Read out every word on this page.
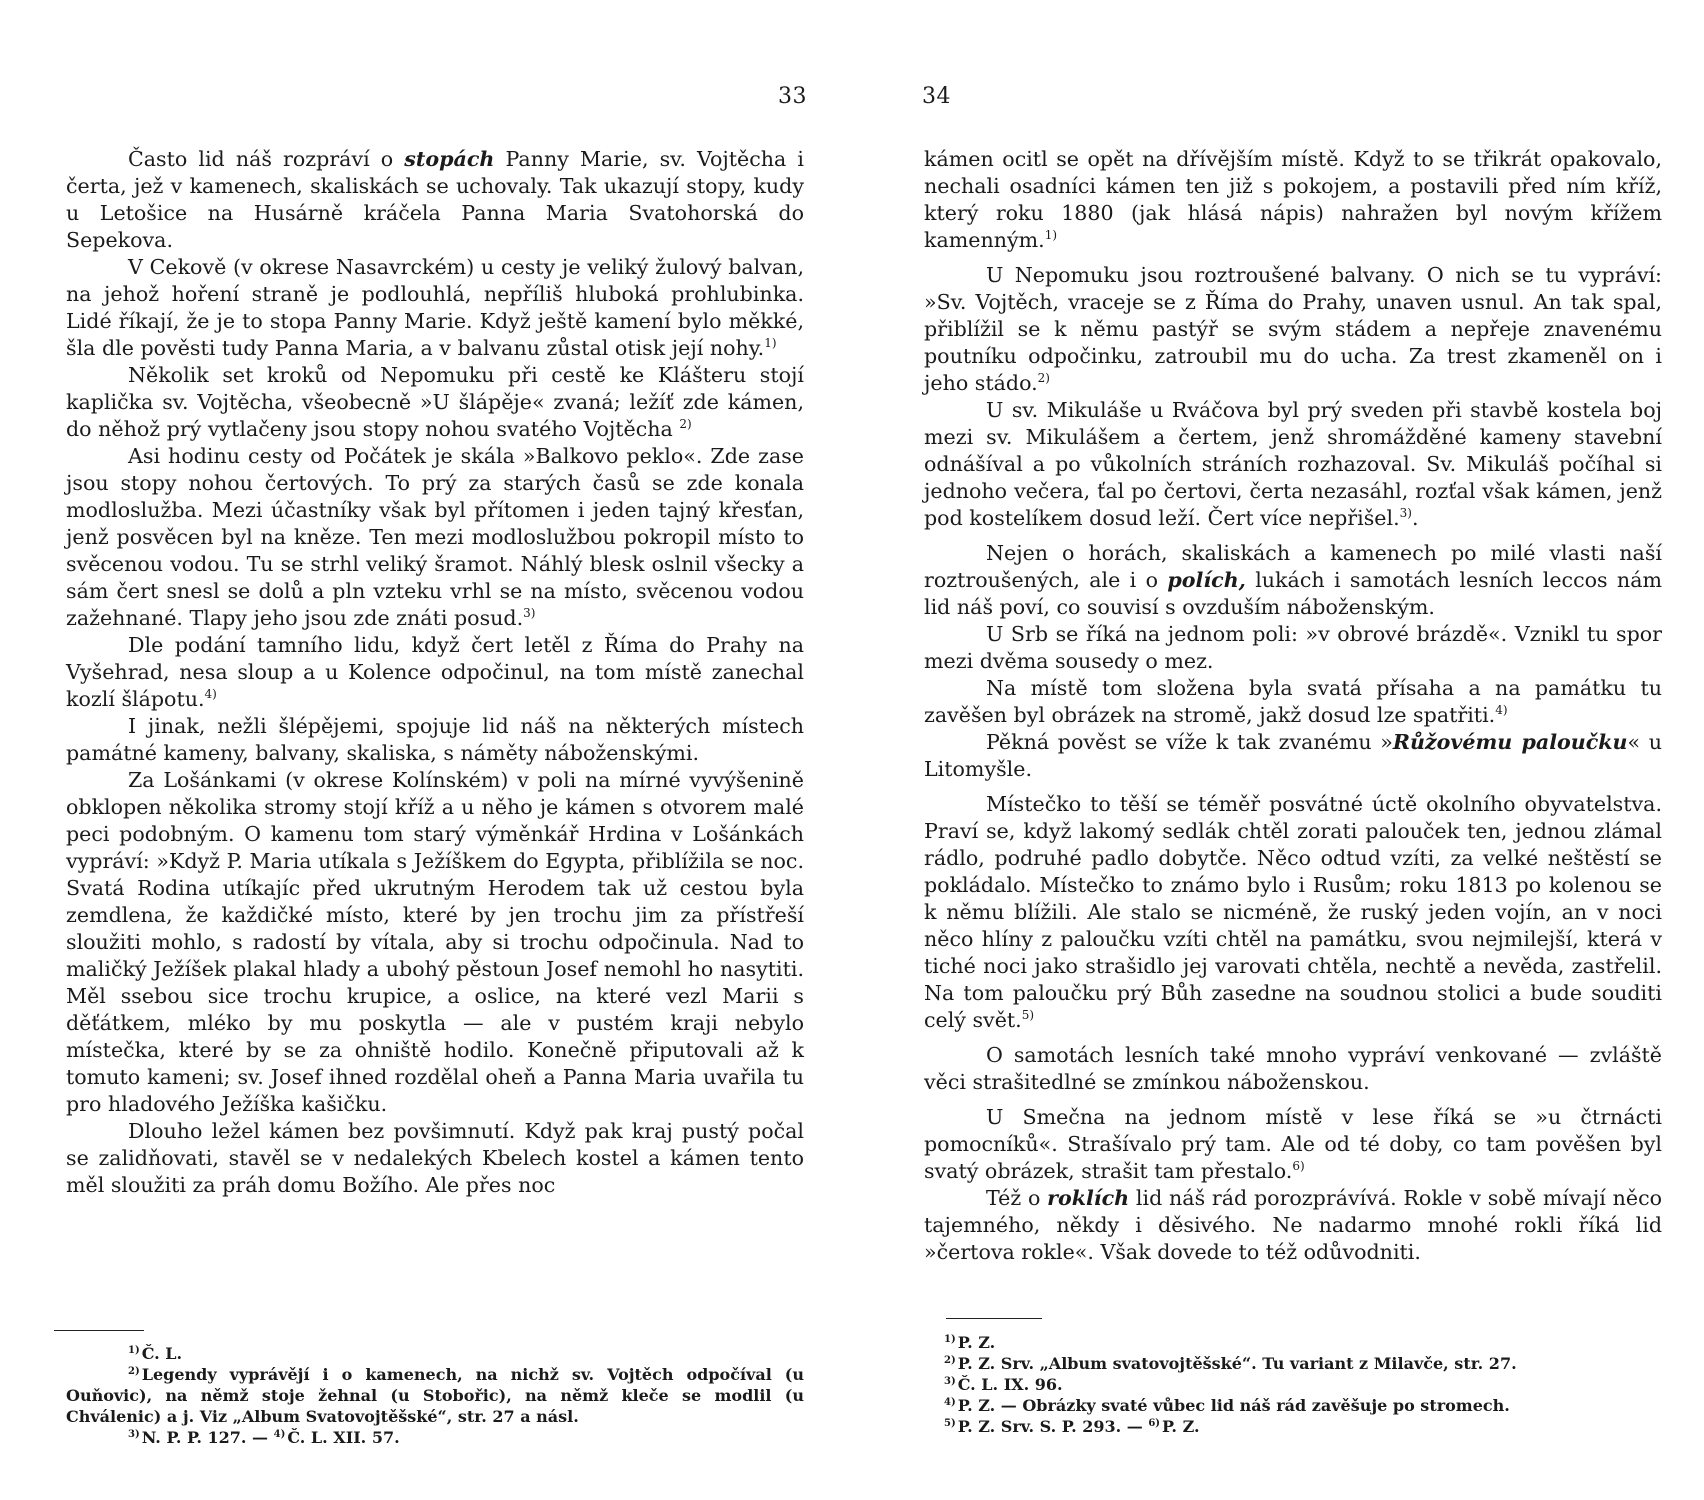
33

Často lid náš rozpráví o stopách Panny Marie, sv. Vojtěcha i čerta, jež v kamenech, skaliskách se uchovaly. Tak ukazují stopy, kudy u Letošice na Husárně kráčela Panna Maria Svatohorská do Sepekova.

V Cekově (v okrese Nasavrckém) u cesty je veliký žulový balvan, na jehož hoření straně je podlouhlá, nepříliš hluboká prohlubinka. Lidé říkají, že je to stopa Panny Marie. Když ještě kamení bylo měkké, šla dle pověsti tudy Panna Maria, a v balvanu zůstal otisk její nohy.$^{1)}$

Několik set kroků od Nepomuku při cestě ke Klášteru stojí kaplička sv. Vojtěcha, všeobecně »U šlápěje« zvaná; ležíť zde kámen, do něhož prý vytlačeny jsou stopy nohou svatého Vojtěcha $^{2)}$

Asi hodinu cesty od Počátek je skála »Balkovo peklo«. Zde zase jsou stopy nohou čertových. To prý za starých časů se zde konala modloslužba. Mezi účastníky však byl přítomen i jeden tajný křesťan, jenž posvěcen byl na kněze. Ten mezi modloslužbou pokropil místo to svěcenou vodou. Tu se strhl veliký šramot. Náhlý blesk oslnil všecky a sám čert snesl se dolů a pln vzteku vrhl se na místo, svěcenou vodou zažehnané. Tlapy jeho jsou zde znáti posud.$^{3)}$

Dle podání tamního lidu, když čert letěl z Říma do Prahy na Vyšehrad, nesa sloup a u Kolence odpočinul, na tom místě zanechal kozlí šlápotu.$^{4)}$

I jinak, nežli šlépějemi, spojuje lid náš na některých místech památné kameny, balvany, skaliska, s náměty náboženskými.

Za Lošánkami (v okrese Kolínském) v poli na mírné vyvýšenině obklopen několika stromy stojí kříž a u něho je kámen s otvorem malé peci podobným. O kamenu tom starý výměnkář Hrdina v Lošánkách vypráví: »Když P. Maria utíkala s Ježíškem do Egypta, přiblížila se noc. Svatá Rodina utíkajíc před ukrutným Herodem tak už cestou byla zemdlena, že každičké místo, které by jen trochu jim za přístřeší sloužiti mohlo, s radostí by vítala, aby si trochu odpočinula. Nad to maličký Ježíšek plakal hlady a ubohý pěstoun Josef nemohl ho nasytiti. Měl ssebou sice trochu krupice, a oslice, na které vezl Marii s děťátkem, mléko by mu poskytla — ale v pustém kraji nebylo místečka, které by se za ohniště hodilo. Konečně připutovali až k tomuto kameni; sv. Josef ihned rozdělal oheň a Panna Maria uvařila tu pro hladového Ježíška kašičku.

Dlouho ležel kámen bez povšimnutí. Když pak kraj pustý počal se zalidňovati, stavěl se v nedalekých Kbelech kostel a kámen tento měl sloužiti za práh domu Božího. Ale přes noc

$^{1)}$ Č. L.
$^{2)}$ Legendy vyprávějí i o kamenech, na nichž sv. Vojtěch odpočíval (u Ouňovic), na němž stoje žehnal (u Stobořic), na němž kleče se modlil (u Chválenic) a j. Viz „Album Svatovojtěšské“, str. 27 a násl.
$^{3)}$ N. P. P. 127. — $^{4)}$ Č. L. XII. 57.
34

kámen ocitl se opět na dřívějším místě. Když to se třikrát opakovalo, nechali osadníci kámen ten již s pokojem, a postavili před ním kříž, který roku 1880 (jak hlásá nápis) nahražen byl novým křížem kamenným.$^{1)}$

U Nepomuku jsou roztroušené balvany. O nich se tu vypráví: »Sv. Vojtěch, vraceje se z Říma do Prahy, unaven usnul. An tak spal, přiblížil se k němu pastýř se svým stádem a nepřeje znavenému poutníku odpočinku, zatroubil mu do ucha. Za trest zkameněl on i jeho stádo.$^{2)}$

U sv. Mikuláše u Rváčova byl prý sveden při stavbě kostela boj mezi sv. Mikulášem a čertem, jenž shromážděné kameny stavební odnášíval a po vůkolních stráních rozhazoval. Sv. Mikuláš počíhal si jednoho večera, ťal po čertovi, čerta nezasáhl, rozťal však kámen, jenž pod kostelíkem dosud leží. Čert více nepřišel.$^{3)}$.

Nejen o horách, skaliskách a kamenech po milé vlasti naší roztroušených, ale i o polích, lukách i samotách lesních leccos nám lid náš poví, co souvisí s ovzduším náboženským.

U Srb se říká na jednom poli: »v obrové brázdě«. Vznikl tu spor mezi dvěma sousedy o mez.

Na místě tom složena byla svatá přísaha a na památku tu zavěšen byl obrázek na stromě, jakž dosud lze spatřiti.$^{4)}$

Pěkná pověst se víže k tak zvanému »Růžovému paloučku« u Litomyšle.

Místečko to těší se téměř posvátné úctě okolního obyvatelstva. Praví se, když lakomý sedlák chtěl zorati palouček ten, jednou zlámal rádlo, podruhé padlo dobytče. Něco odtud vzíti, za velké neštěstí se pokládalo. Místečko to známo bylo i Rusům; roku 1813 po kolenou se k němu blížili. Ale stalo se nicméně, že ruský jeden vojín, an v noci něco hlíny z paloučku vzíti chtěl na památku, svou nejmilejší, která v tiché noci jako strašidlo jej varovati chtěla, nechtě a nevěda, zastřelil. Na tom paloučku prý Bůh zasedne na soudnou stolici a bude souditi celý svět.$^{5)}$

O samotách lesních také mnoho vypráví venkované — zvláště věci strašitedlné se zmínkou náboženskou.

U Smečna na jednom místě v lese říká se »u čtrnácti pomocníků«. Strašívalo prý tam. Ale od té doby, co tam pověšen byl svatý obrázek, strašit tam přestalo.$^{6)}$

Též o roklích lid náš rád porozprávívá. Rokle v sobě mívají něco tajemného, někdy i děsivého. Ne nadarmo mnohé rokli říká lid »čertova rokle«. Však dovede to též odůvodniti.

$^{1)}$ P. Z.
$^{2)}$ P. Z. Srv. „Album svatovojtěšské“. Tu variant z Milavče, str. 27.
$^{3)}$ Č. L. IX. 96.
$^{4)}$ P. Z. — Obrázky svaté vůbec lid náš rád zavěšuje po stromech.
$^{5)}$ P. Z. Srv. S. P. 293. — $^{6)}$ P. Z.
